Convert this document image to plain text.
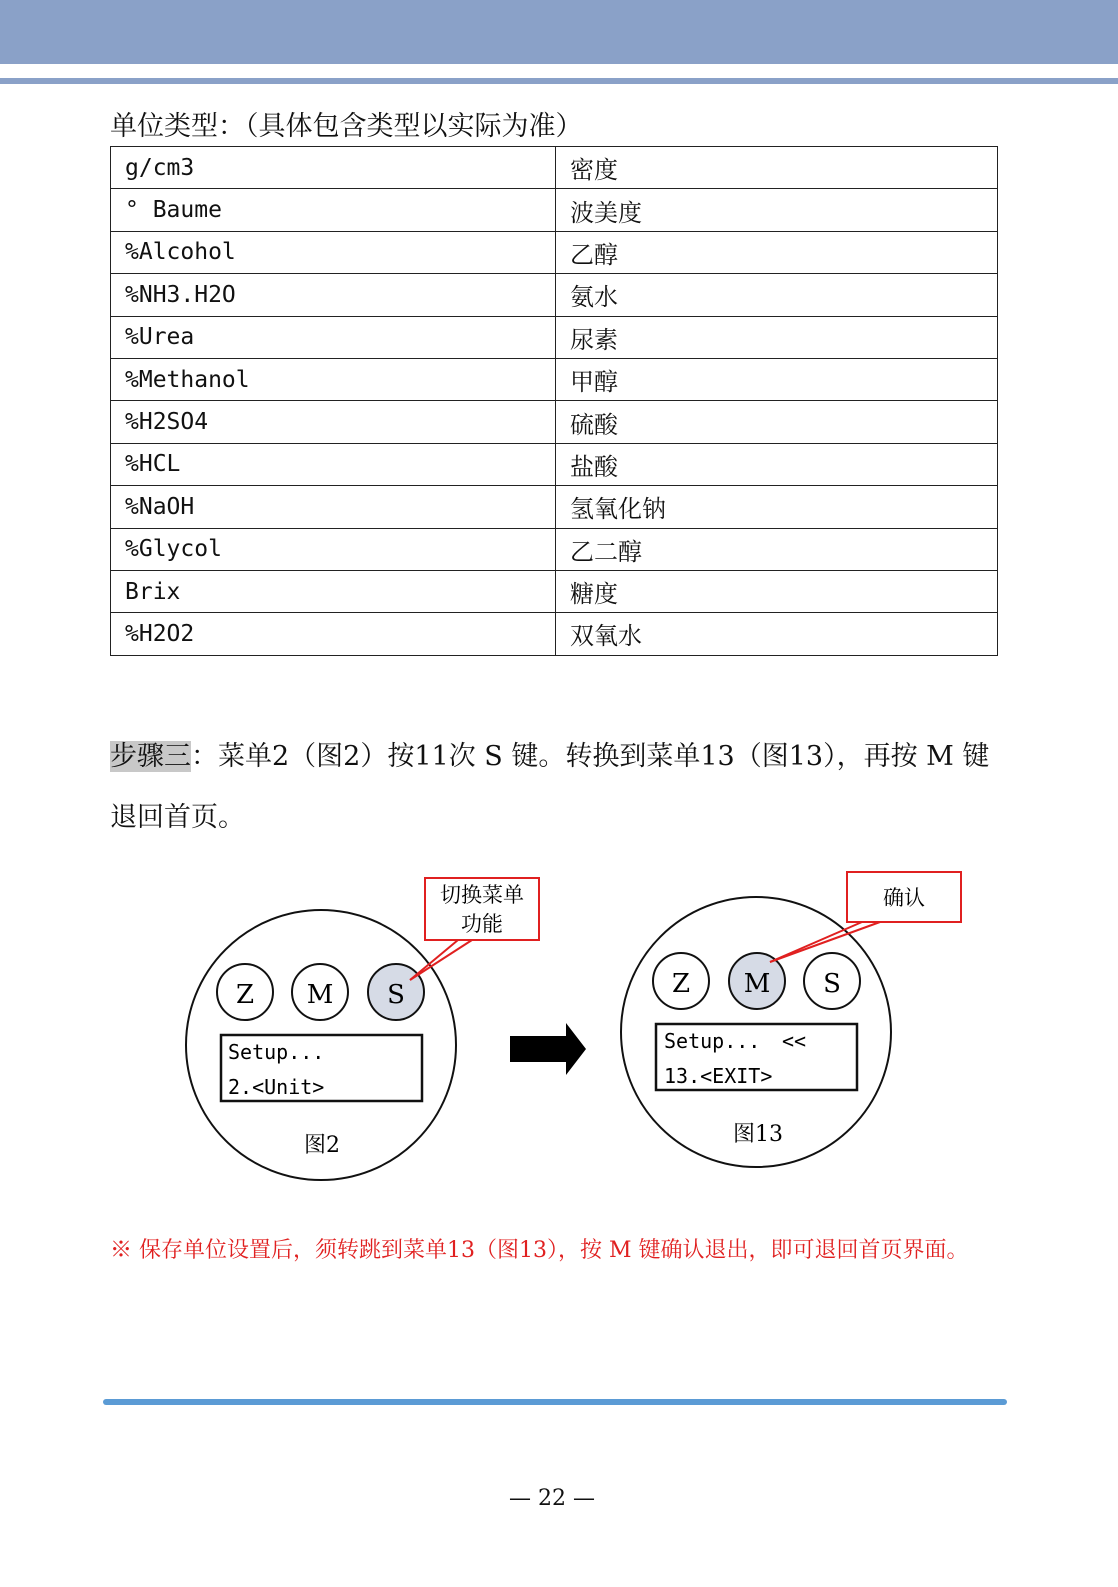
单位类型：（具体包含类型以实际为准）
g/cm3	密度
° Baume	波美度
%Alcohol	乙醇
%NH3.H2O	氨水
%Urea	尿素
%Methanol	甲醇
%H2SO4	硫酸
%HCL	盐酸
%NaOH	氢氧化钠
%Glycol	乙二醇
Brix	糖度
%H2O2	双氧水
步骤三：菜单2（图2）按11次 S 键。转换到菜单13（图13），再按 M 键退回首页。
Z M S
Setup...
2.<Unit>
图2
切换菜单
功能
Z M S
Setup... <<
13.<EXIT>
图13
确认
※ 保存单位设置后，须转跳到菜单13（图13），按 M 键确认退出，即可退回首页界面。
— 22 —
